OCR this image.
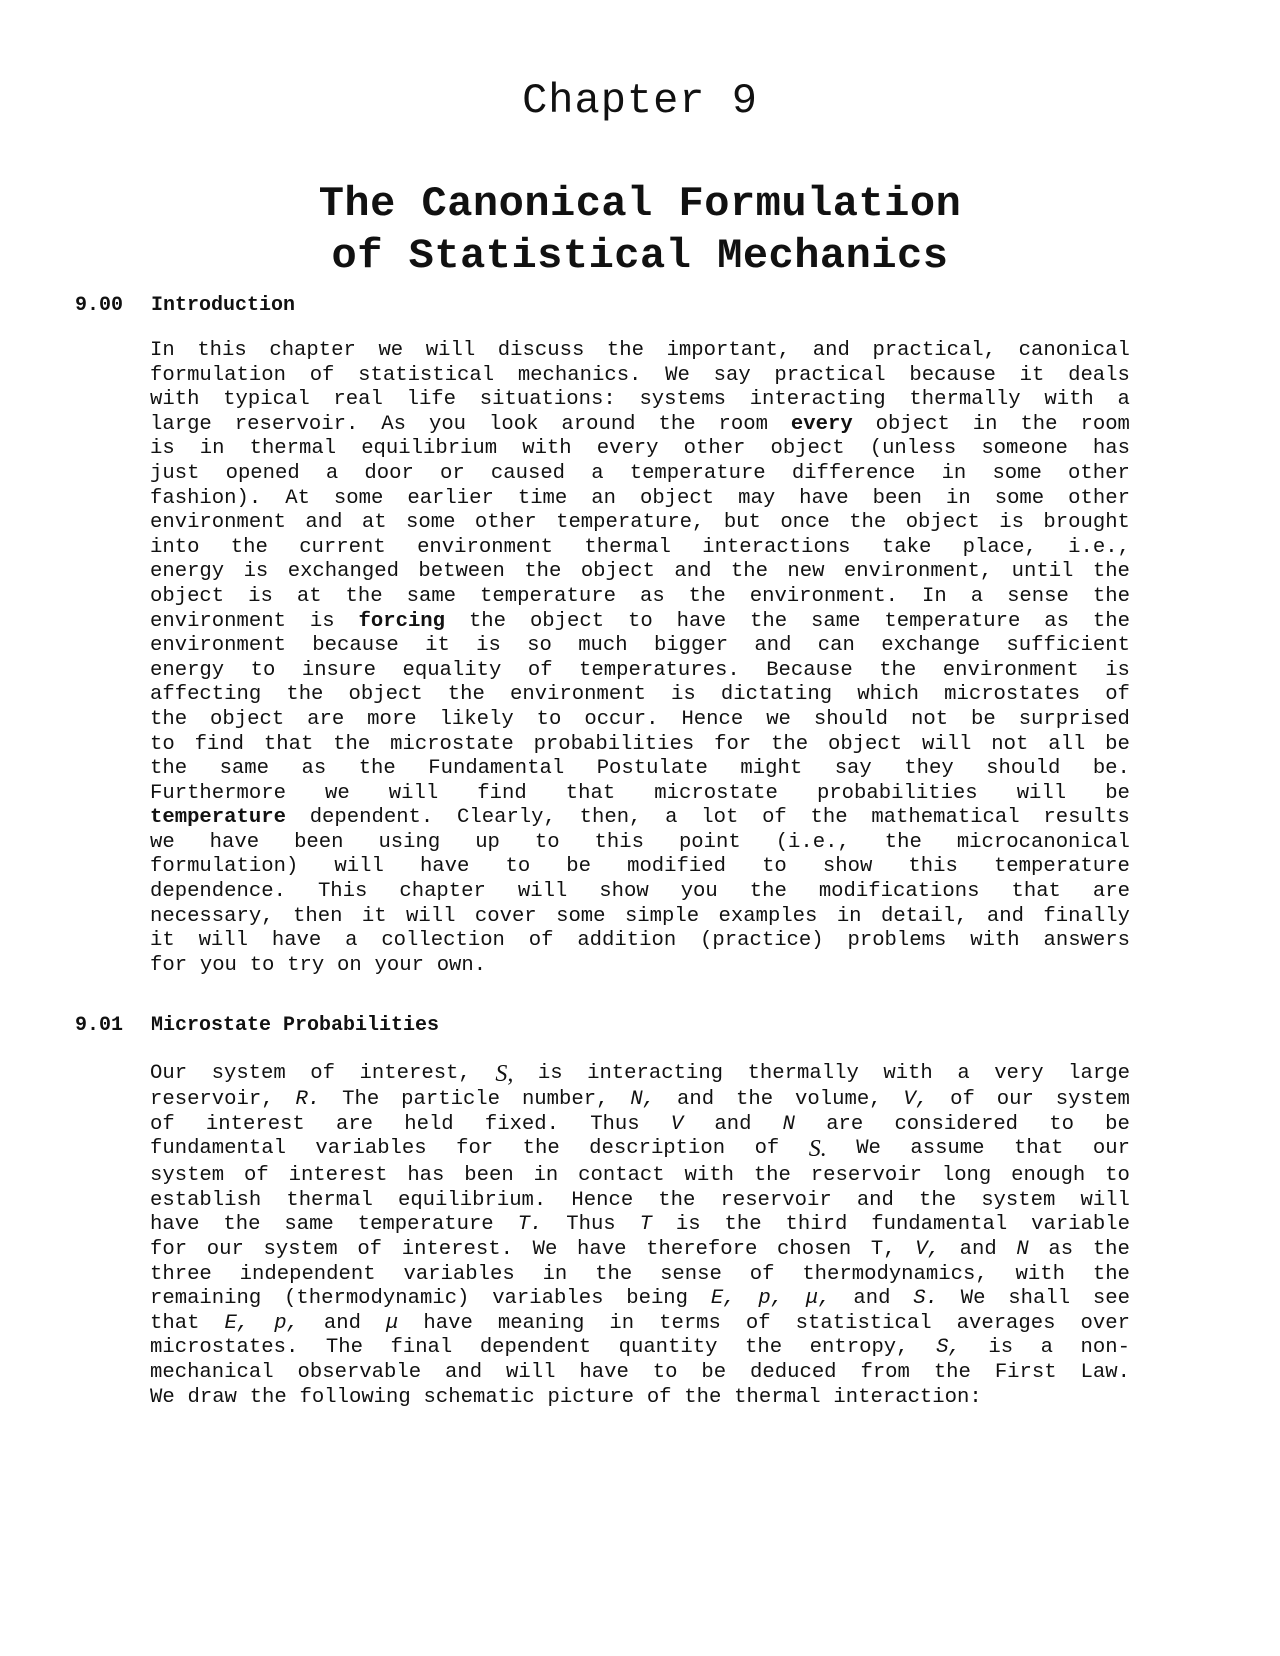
Chapter 9
The Canonical Formulation
of Statistical Mechanics
9.00 Introduction
In this chapter we will discuss the important, and practical, canonical
formulation of statistical mechanics. We say practical because it deals
with typical real life situations: systems interacting thermally with a
large reservoir. As you look around the room every object in the room
is in thermal equilibrium with every other object (unless someone has
just opened a door or caused a temperature difference in some other
fashion). At some earlier time an object may have been in some other
environment and at some other temperature, but once the object is brought
into the current environment thermal interactions take place, i.e.,
energy is exchanged between the object and the new environment, until the
object is at the same temperature as the environment. In a sense the
environment is forcing the object to have the same temperature as the
environment because it is so much bigger and can exchange sufficient
energy to insure equality of temperatures. Because the environment is
affecting the object the environment is dictating which microstates of
the object are more likely to occur. Hence we should not be surprised
to find that the microstate probabilities for the object will not all be
the same as the Fundamental Postulate might say they should be.
Furthermore we will find that microstate probabilities will be
temperature dependent. Clearly, then, a lot of the mathematical results
we have been using up to this point (i.e., the microcanonical
formulation) will have to be modified to show this temperature
dependence. This chapter will show you the modifications that are
necessary, then it will cover some simple examples in detail, and finally
it will have a collection of addition (practice) problems with answers
for you to try on your own.
9.01 Microstate Probabilities
Our system of interest, S, is interacting thermally with a very large
reservoir, R. The particle number, N, and the volume, V, of our system
of interest are held fixed. Thus V and N are considered to be
fundamental variables for the description of S. We assume that our
system of interest has been in contact with the reservoir long enough to
establish thermal equilibrium. Hence the reservoir and the system will
have the same temperature T. Thus T is the third fundamental variable
for our system of interest. We have therefore chosen T, V, and N as the
three independent variables in the sense of thermodynamics, with the
remaining (thermodynamic) variables being E, p, μ, and S. We shall see
that E, p, and μ have meaning in terms of statistical averages over
microstates. The final dependent quantity the entropy, S, is a non-
mechanical observable and will have to be deduced from the First Law.
We draw the following schematic picture of the thermal interaction:
